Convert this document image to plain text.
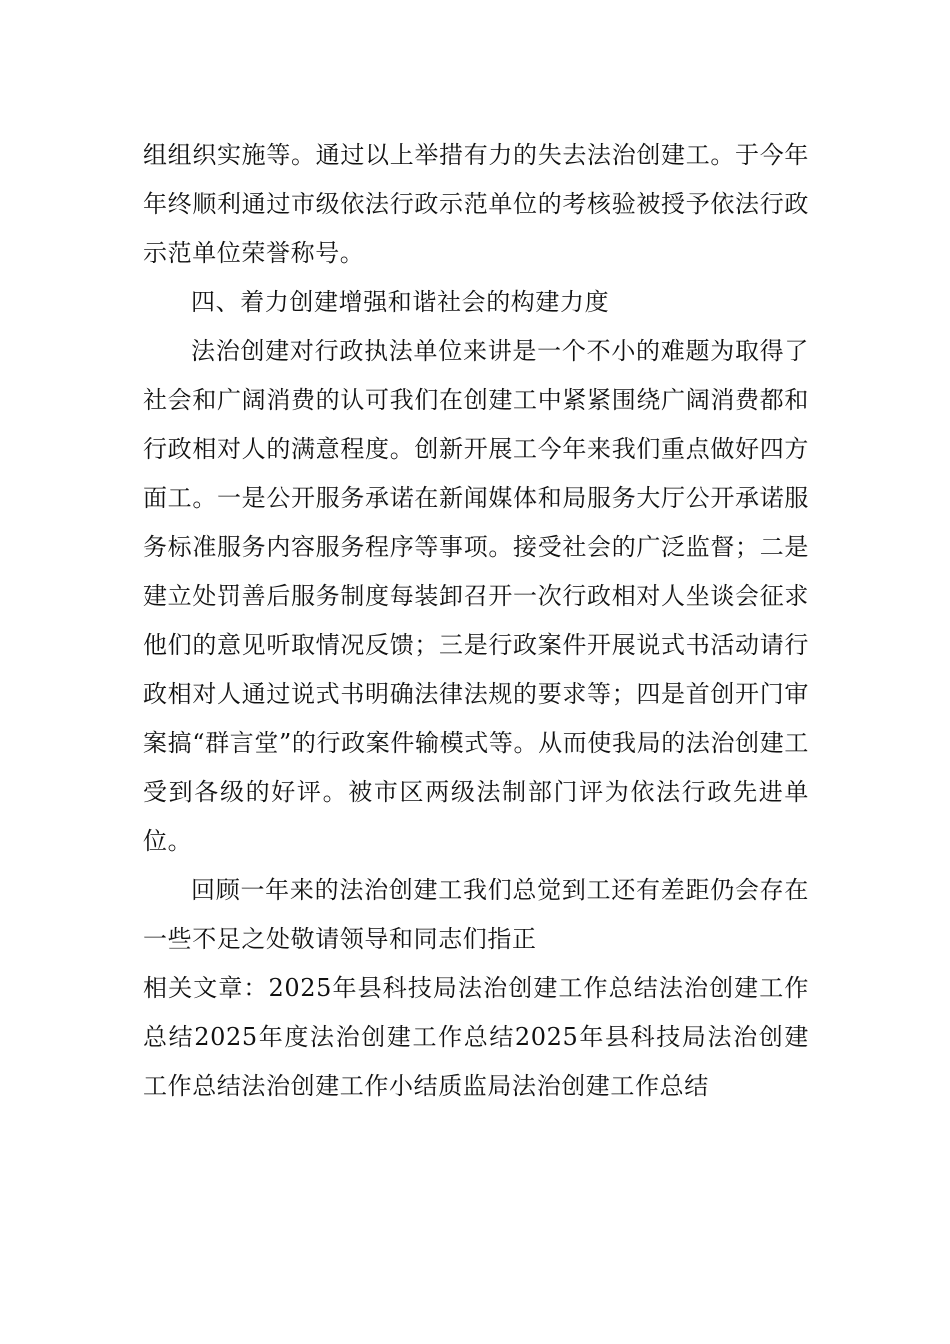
组组织实施等。通过以上举措有力的失去法治创建工。于今年年终顺利通过市级依法行政示范单位的考核验被授予依法行政示范单位荣誉称号。

四、着力创建增强和谐社会的构建力度

法治创建对行政执法单位来讲是一个不小的难题为取得了社会和广阔消费的认可我们在创建工中紧紧围绕广阔消费都和行政相对人的满意程度。创新开展工今年来我们重点做好四方面工。一是公开服务承诺在新闻媒体和局服务大厅公开承诺服务标准服务内容服务程序等事项。接受社会的广泛监督；二是建立处罚善后服务制度每装卸召开一次行政相对人坐谈会征求他们的意见听取情况反馈；三是行政案件开展说式书活动请行政相对人通过说式书明确法律法规的要求等；四是首创开门审案搞“群言堂”的行政案件输模式等。从而使我局的法治创建工受到各级的好评。被市区两级法制部门评为依法行政先进单位。

回顾一年来的法治创建工我们总觉到工还有差距仍会存在一些不足之处敬请领导和同志们指正

相关文章：2025年县科技局法治创建工作总结法治创建工作总结2025年度法治创建工作总结2025年县科技局法治创建工作总结法治创建工作小结质监局法治创建工作总结
